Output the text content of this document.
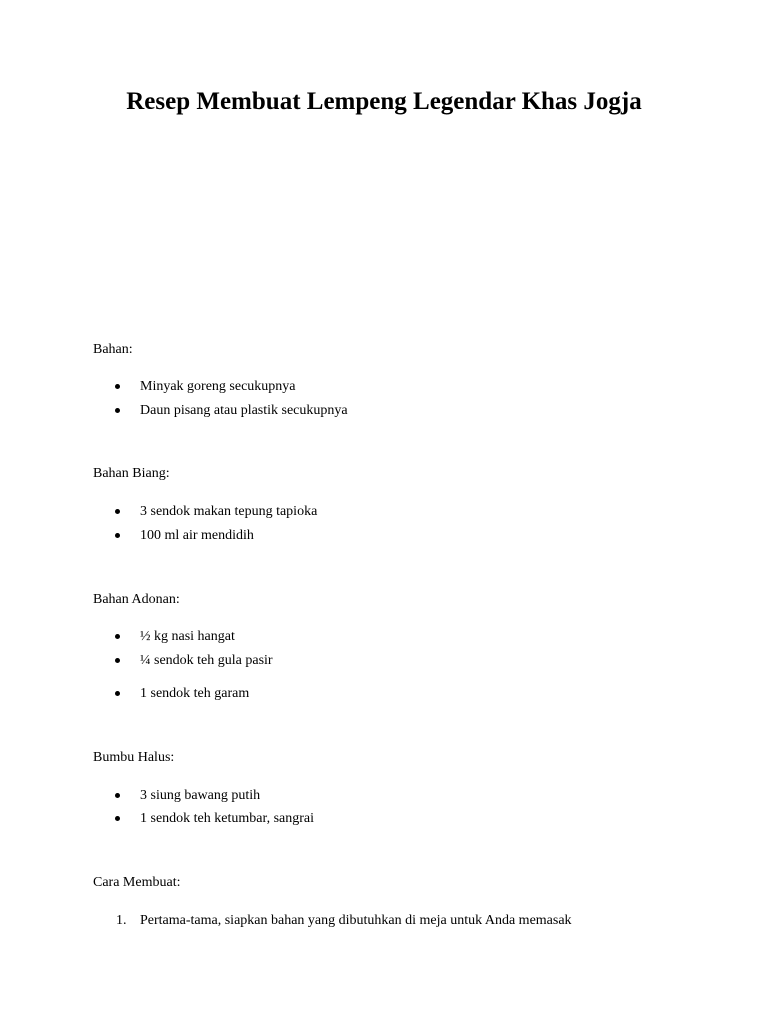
Resep Membuat Lempeng Legendar Khas Jogja

Bahan:

Minyak goreng secukupnya
Daun pisang atau plastik secukupnya

Bahan Biang:

3 sendok makan tepung tapioka
100 ml air mendidih

Bahan Adonan:

½ kg nasi hangat
¼ sendok teh gula pasir
1 sendok teh garam

Bumbu Halus:

3 siung bawang putih
1 sendok teh ketumbar, sangrai

Cara Membuat:

1. Pertama-tama, siapkan bahan yang dibutuhkan di meja untuk Anda memasak
